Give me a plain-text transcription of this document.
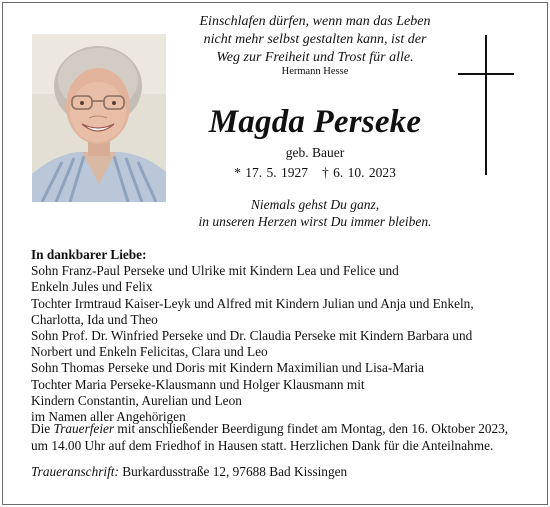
Einschlafen dürfen, wenn man das Leben
nicht mehr selbst gestalten kann, ist der
Weg zur Freiheit und Trost für alle.
Hermann Hesse
Magda Perseke
geb. Bauer
* 17. 5. 1927 † 6. 10. 2023
Niemals gehst Du ganz,
in unseren Herzen wirst Du immer bleiben.
In dankbarer Liebe:
Sohn Franz-Paul Perseke und Ulrike mit Kindern Lea und Felice und
Enkeln Jules und Felix
Tochter Irmtraud Kaiser-Leyk und Alfred mit Kindern Julian und Anja und Enkeln,
Charlotta, Ida und Theo
Sohn Prof. Dr. Winfried Perseke und Dr. Claudia Perseke mit Kindern Barbara und
Norbert und Enkeln Felicitas, Clara und Leo
Sohn Thomas Perseke und Doris mit Kindern Maximilian und Lisa-Maria
Tochter Maria Perseke-Klausmann und Holger Klausmann mit
Kindern Constantin, Aurelian und Leon
im Namen aller Angehörigen
Die Trauerfeier mit anschließender Beerdigung findet am Montag, den 16. Oktober 2023,
um 14.00 Uhr auf dem Friedhof in Hausen statt. Herzlichen Dank für die Anteilnahme.
Traueranschrift: Burkardusstraße 12, 97688 Bad Kissingen
